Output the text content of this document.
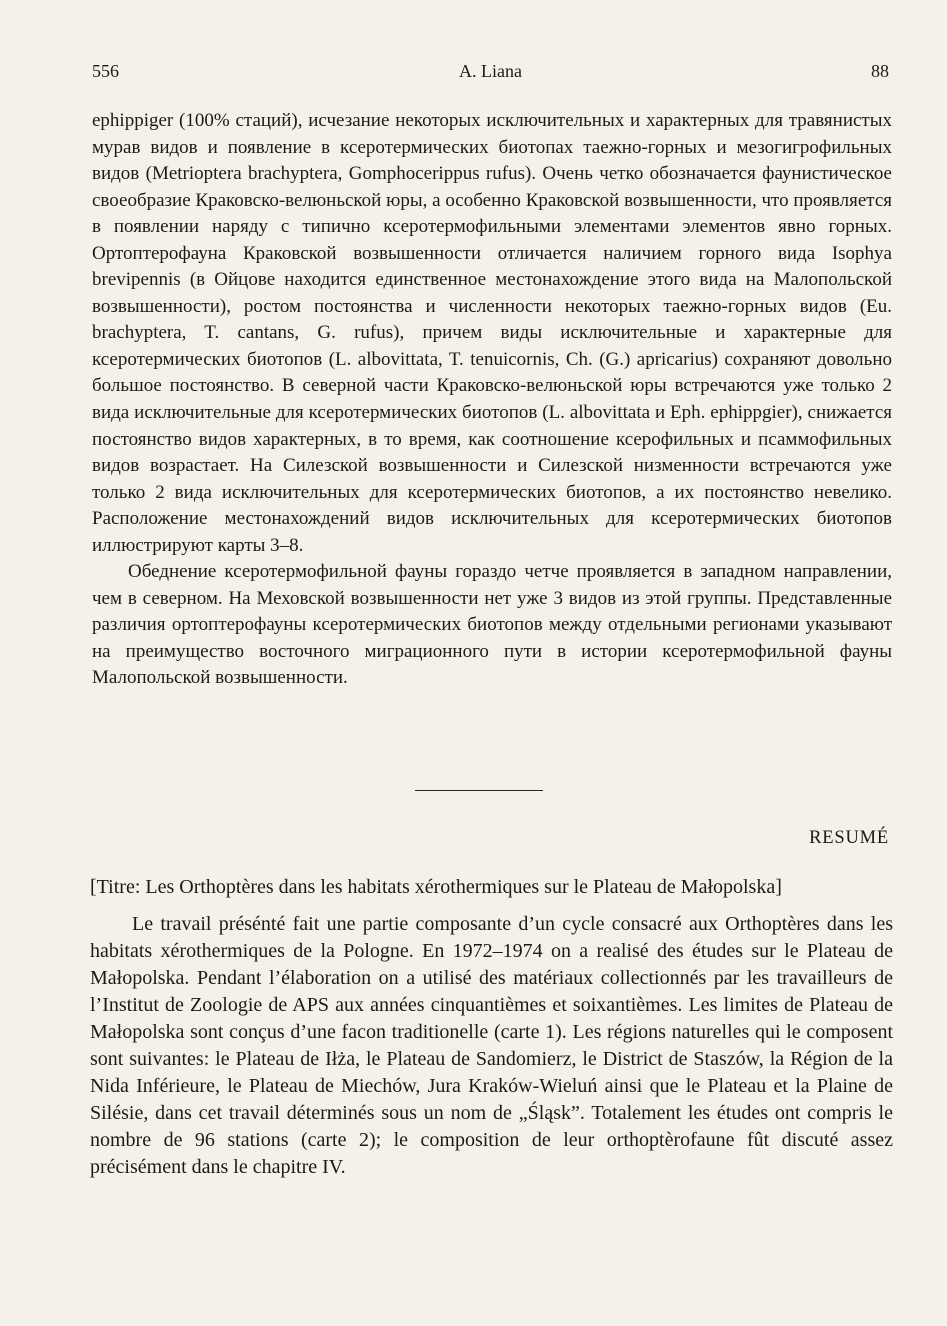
556	A. Liana	88

ephippiger (100% стаций), исчезание некоторых исключительных и характерных для травянистых мурав видов и появление в ксеротермических биотопах таежно-горных и мезогигрофильных видов (Metrioptera brachyptera, Gomphocerippus rufus). Очень четко обозначается фаунистическое своеобразие Краковско-велюньской юры, а особенно Краковской возвышенности, что проявляется в появлении наряду с типично ксеротермофильными элементами элементов явно горных. Ортоптерофауна Краковской возвышенности отличается наличием горного вида Isophya brevipennis (в Ойцове находится единственное местонахождение этого вида на Малопольской возвышенности), ростом постоянства и численности некоторых таежно-горных видов (Eu. brachyptera, T. cantans, G. rufus), причем виды исключительные и характерные для ксеротермических биотопов (L. albovittata, T. tenuicornis, Ch. (G.) apricarius) сохраняют довольно большое постоянство. В северной части Краковско-велюньской юры встречаются уже только 2 вида исключительные для ксеротермических биотопов (L. albovittata и Eph. ephippgier), снижается постоянство видов характерных, в то время, как соотношение ксерофильных и псаммофильных видов возрастает. На Силезской возвышенности и Силезской низменности встречаются уже только 2 вида исключительных для ксеротермических биотопов, а их постоянство невелико. Расположение местонахождений видов исключительных для ксеротермических биотопов иллюстрируют карты 3–8.

Обеднение ксеротермофильной фауны гораздо четче проявляется в западном направлении, чем в северном. На Меховской возвышенности нет уже 3 видов из этой группы. Представленные различия ортоптерофауны ксеротермических биотопов между отдельными регионами указывают на преимущество восточного миграционного пути в истории ксеротермофильной фауны Малопольской возвышенности.

RESUMÉ

[Titre: Les Orthoptères dans les habitats xérothermiques sur le Plateau de Małopolska]

Le travail présénté fait une partie composante d’un cycle consacré aux Orthoptères dans les habitats xérothermiques de la Pologne. En 1972–1974 on a realisé des études sur le Plateau de Małopolska. Pendant l’élaboration on a utilisé des matériaux collectionnés par les travailleurs de l’Institut de Zoologie de APS aux années cinquantièmes et soixantièmes. Les limites de Plateau de Małopolska sont conçus d’une facon traditionelle (carte 1). Les régions naturelles qui le composent sont suivantes: le Plateau de Iłża, le Plateau de Sandomierz, le District de Staszów, la Région de la Nida Inférieure, le Plateau de Miechów, Jura Kraków-Wieluń ainsi que le Plateau et la Plaine de Silésie, dans cet travail déterminés sous un nom de „Śląsk”. Totalement les études ont compris le nombre de 96 stations (carte 2); le composition de leur orthoptèrofaune fût discuté assez précisément dans le chapitre IV.
